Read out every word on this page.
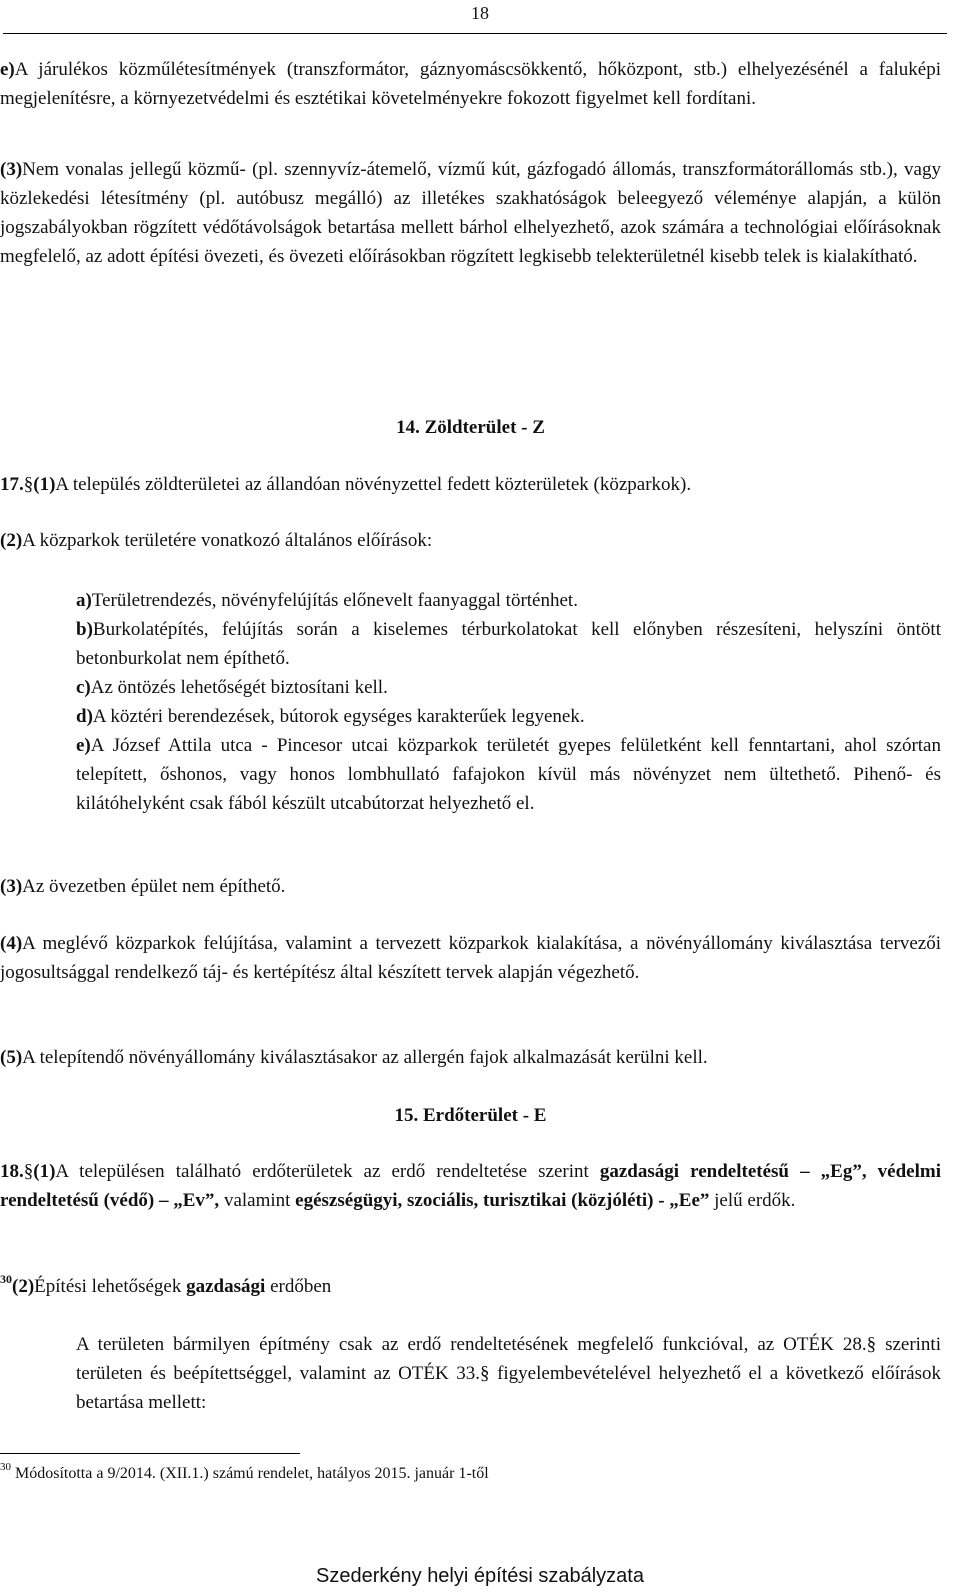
18

e)A járulékos közműlétesítmények (transzformátor, gáznyomáscsökkentő, hőközpont, stb.) elhelyezésénél a faluképi megjelenítésre, a környezetvédelmi és esztétikai követelményekre fokozott figyelmet kell fordítani.

(3)Nem vonalas jellegű közmű- (pl. szennyvíz-átemelő, vízmű kút, gázfogadó állomás, transzformátorállomás stb.), vagy közlekedési létesítmény (pl. autóbusz megálló) az illetékes szakhatóságok beleegyező véleménye alapján, a külön jogszabályokban rögzített védőtávolságok betartása mellett bárhol elhelyezhető, azok számára a technológiai előírásoknak megfelelő, az adott építési övezeti, és övezeti előírásokban rögzített legkisebb telekterületnél kisebb telek is kialakítható.

14. Zöldterület - Z

17.§(1)A település zöldterületei az állandóan növényzettel fedett közterületek (közparkok).

(2)A közparkok területére vonatkozó általános előírások:

a)Területrendezés, növényfelújítás előnevelt faanyaggal történhet.
b)Burkolatépítés, felújítás során a kiselemes térburkolatokat kell előnyben részesíteni, helyszíni öntött betonburkolat nem építhető.
c)Az öntözés lehetőségét biztosítani kell.
d)A köztéri berendezések, bútorok egységes karakterűek legyenek.
e)A József Attila utca - Pincesor utcai közparkok területét gyepes felületként kell fenntartani, ahol szórtan telepített, őshonos, vagy honos lombhullató fafajokon kívül más növényzet nem ültethető. Pihenő- és kilátóhelyként csak fából készült utcabútorzat helyezhető el.

(3)Az övezetben épület nem építhető.

(4)A meglévő közparkok felújítása, valamint a tervezett közparkok kialakítása, a növényállomány kiválasztása tervezői jogosultsággal rendelkező táj- és kertépítész által készített tervek alapján végezhető.

(5)A telepítendő növényállomány kiválasztásakor az allergén fajok alkalmazását kerülni kell.

15. Erdőterület - E

18.§(1)A településen található erdőterületek az erdő rendeltetése szerint gazdasági rendeltetésű – „Eg”, védelmi rendeltetésű (védő) – „Ev”, valamint egészségügyi, szociális, turisztikai (közjóléti) - „Ee” jelű erdők.

$^{30}$(2)Építési lehetőségek gazdasági erdőben

A területen bármilyen építmény csak az erdő rendeltetésének megfelelő funkcióval, az OTÉK 28.§ szerinti területen és beépítettséggel, valamint az OTÉK 33.§ figyelembevételével helyezhető el a következő előírások betartása mellett:

$^{30}$ Módosította a 9/2014. (XII.1.) számú rendelet, hatályos 2015. január 1-től
Szederkény helyi építési szabályzata
